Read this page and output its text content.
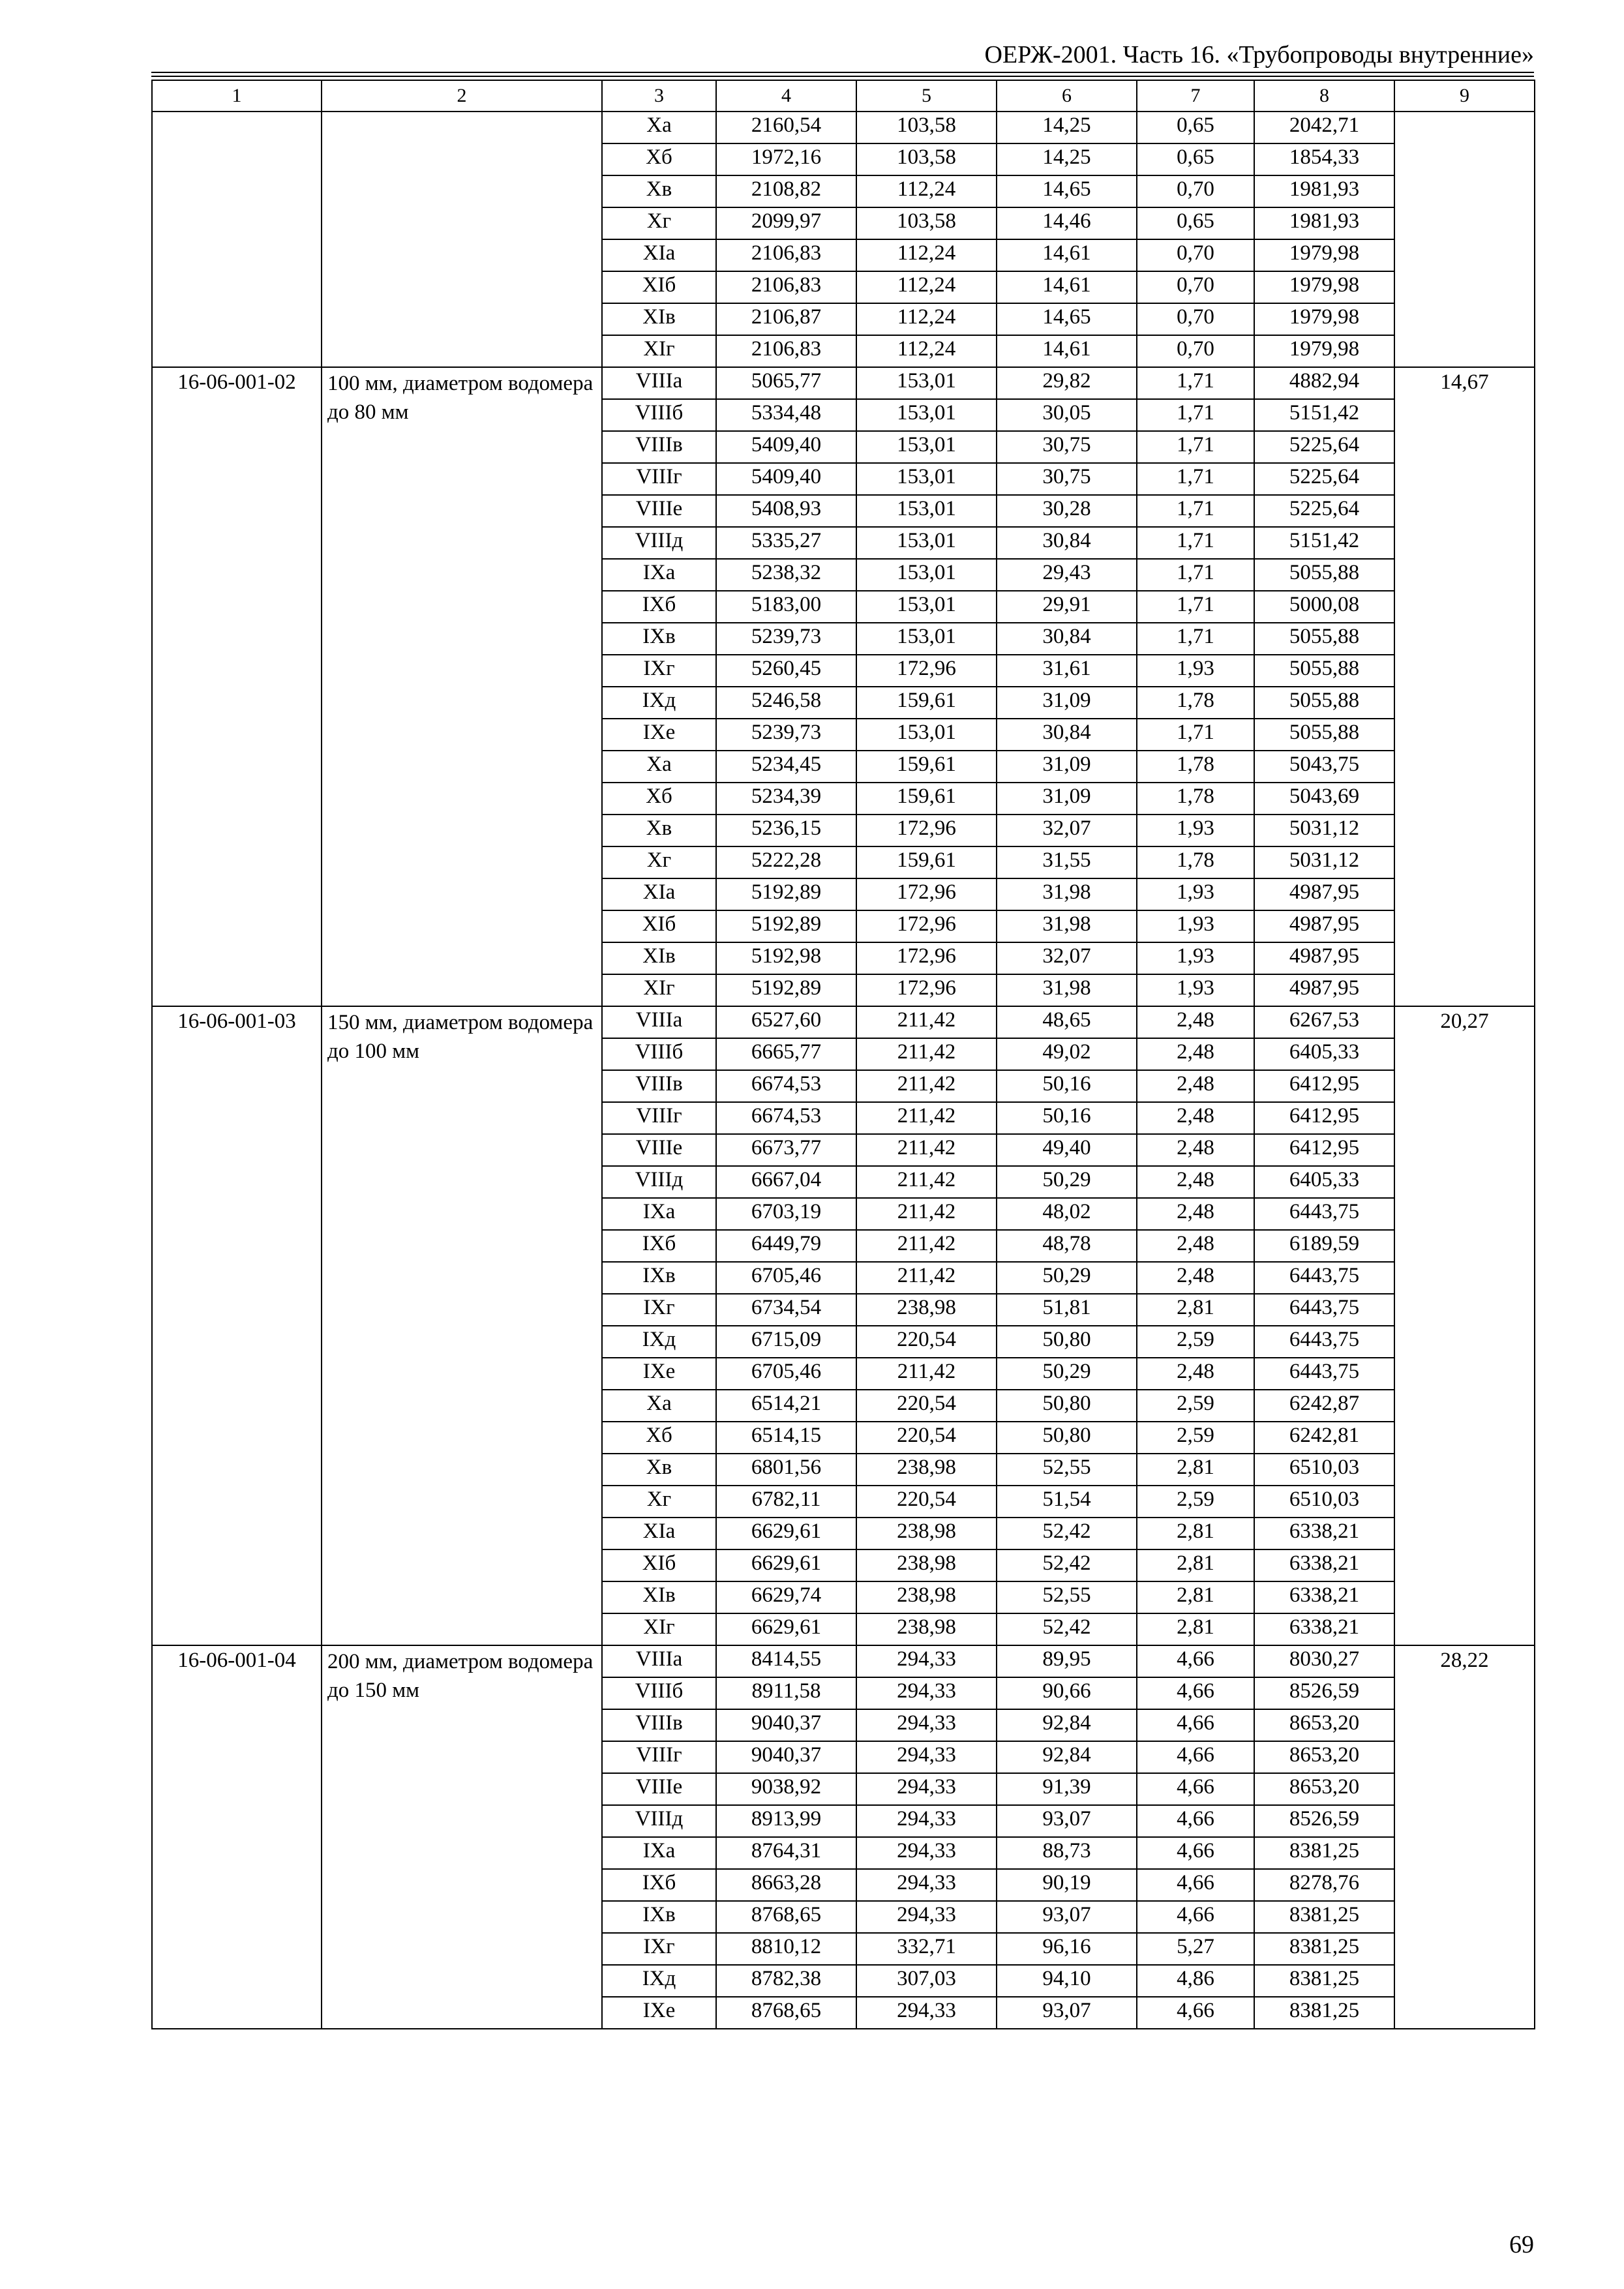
ОЕРЖ-2001. Часть 16. «Трубопроводы внутренние»
1	2	3	4	5	6	7	8	9
		Ха	2160,54	103,58	14,25	0,65	2042,71	
		Хб	1972,16	103,58	14,25	0,65	1854,33	
		Хв	2108,82	112,24	14,65	0,70	1981,93	
		Хг	2099,97	103,58	14,46	0,65	1981,93	
		ХIа	2106,83	112,24	14,61	0,70	1979,98	
		ХIб	2106,83	112,24	14,61	0,70	1979,98	
		ХIв	2106,87	112,24	14,65	0,70	1979,98	
		ХIг	2106,83	112,24	14,61	0,70	1979,98	
16-06-001-02	100 мм, диаметром водомера до 80 мм	VIIIа	5065,77	153,01	29,82	1,71	4882,94	14,67
		VIIIб	5334,48	153,01	30,05	1,71	5151,42	
		VIIIв	5409,40	153,01	30,75	1,71	5225,64	
		VIIIг	5409,40	153,01	30,75	1,71	5225,64	
		VIIIе	5408,93	153,01	30,28	1,71	5225,64	
		VIIIд	5335,27	153,01	30,84	1,71	5151,42	
		IХа	5238,32	153,01	29,43	1,71	5055,88	
		IХб	5183,00	153,01	29,91	1,71	5000,08	
		IХв	5239,73	153,01	30,84	1,71	5055,88	
		IХг	5260,45	172,96	31,61	1,93	5055,88	
		IХд	5246,58	159,61	31,09	1,78	5055,88	
		IХе	5239,73	153,01	30,84	1,71	5055,88	
		Ха	5234,45	159,61	31,09	1,78	5043,75	
		Хб	5234,39	159,61	31,09	1,78	5043,69	
		Хв	5236,15	172,96	32,07	1,93	5031,12	
		Хг	5222,28	159,61	31,55	1,78	5031,12	
		ХIа	5192,89	172,96	31,98	1,93	4987,95	
		ХIб	5192,89	172,96	31,98	1,93	4987,95	
		ХIв	5192,98	172,96	32,07	1,93	4987,95	
		ХIг	5192,89	172,96	31,98	1,93	4987,95	
16-06-001-03	150 мм, диаметром водомера до 100 мм	VIIIа	6527,60	211,42	48,65	2,48	6267,53	20,27
		VIIIб	6665,77	211,42	49,02	2,48	6405,33	
		VIIIв	6674,53	211,42	50,16	2,48	6412,95	
		VIIIг	6674,53	211,42	50,16	2,48	6412,95	
		VIIIе	6673,77	211,42	49,40	2,48	6412,95	
		VIIIд	6667,04	211,42	50,29	2,48	6405,33	
		IХа	6703,19	211,42	48,02	2,48	6443,75	
		IХб	6449,79	211,42	48,78	2,48	6189,59	
		IХв	6705,46	211,42	50,29	2,48	6443,75	
		IХг	6734,54	238,98	51,81	2,81	6443,75	
		IХд	6715,09	220,54	50,80	2,59	6443,75	
		IХе	6705,46	211,42	50,29	2,48	6443,75	
		Ха	6514,21	220,54	50,80	2,59	6242,87	
		Хб	6514,15	220,54	50,80	2,59	6242,81	
		Хв	6801,56	238,98	52,55	2,81	6510,03	
		Хг	6782,11	220,54	51,54	2,59	6510,03	
		ХIа	6629,61	238,98	52,42	2,81	6338,21	
		ХIб	6629,61	238,98	52,42	2,81	6338,21	
		ХIв	6629,74	238,98	52,55	2,81	6338,21	
		ХIг	6629,61	238,98	52,42	2,81	6338,21	
16-06-001-04	200 мм, диаметром водомера до 150 мм	VIIIа	8414,55	294,33	89,95	4,66	8030,27	28,22
		VIIIб	8911,58	294,33	90,66	4,66	8526,59	
		VIIIв	9040,37	294,33	92,84	4,66	8653,20	
		VIIIг	9040,37	294,33	92,84	4,66	8653,20	
		VIIIе	9038,92	294,33	91,39	4,66	8653,20	
		VIIIд	8913,99	294,33	93,07	4,66	8526,59	
		IХа	8764,31	294,33	88,73	4,66	8381,25	
		IХб	8663,28	294,33	90,19	4,66	8278,76	
		IХв	8768,65	294,33	93,07	4,66	8381,25	
		IХг	8810,12	332,71	96,16	5,27	8381,25	
		IХд	8782,38	307,03	94,10	4,86	8381,25	
		IХе	8768,65	294,33	93,07	4,66	8381,25	
69
